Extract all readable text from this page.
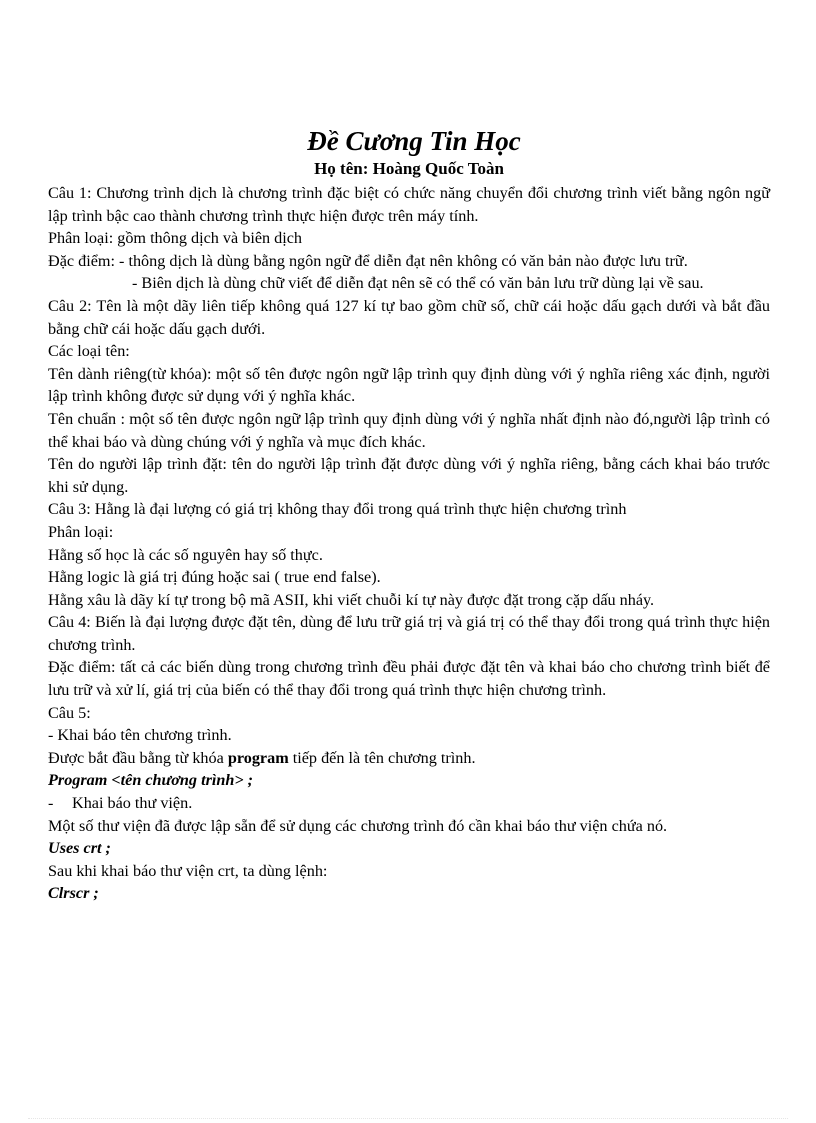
Đề Cương Tin Học
Họ tên: Hoàng Quốc Toàn

Câu 1: Chương trình dịch là chương trình đặc biệt có chức năng chuyển đổi chương trình viết bằng ngôn ngữ lập trình bậc cao thành chương trình thực hiện được trên máy tính.

Phân loại: gồm thông dịch và biên dịch

Đặc điểm: - thông dịch là dùng bằng ngôn ngữ để diễn đạt nên không có văn bản nào được lưu trữ.

- Biên dịch là dùng chữ viết để diễn đạt nên sẽ có thể có văn bản lưu trữ dùng lại về sau.

Câu 2: Tên là một dãy liên tiếp không quá 127 kí tự bao gồm chữ số, chữ cái hoặc dấu gạch dưới và bắt đầu bằng chữ cái hoặc dấu gạch dưới.

Các loại tên:

Tên dành riêng(từ khóa): một số tên được ngôn ngữ lập trình quy định dùng với ý nghĩa riêng xác định, người lập trình không được sử dụng với ý nghĩa khác.

Tên chuẩn : một số tên được ngôn ngữ lập trình quy định dùng với ý nghĩa nhất định nào đó,người lập trình có thể khai báo và dùng chúng với ý nghĩa và mục đích khác.

Tên do người lập trình đặt: tên do người lập trình đặt được dùng với ý nghĩa riêng, bằng cách khai báo trước khi sử dụng.

Câu 3: Hằng là đại lượng có giá trị không thay đổi trong quá trình thực hiện chương trình

Phân loại:

Hằng số học là các số nguyên hay số thực.

Hằng logic là giá trị đúng hoặc sai ( true end false).

Hằng xâu là dãy kí tự trong bộ mã ASII, khi viết chuỗi kí tự này được đặt trong cặp dấu nháy.

Câu 4: Biến là đại lượng được đặt tên, dùng để lưu trữ giá trị và giá trị có thể thay đổi trong quá trình thực hiện chương trình.

Đặc điểm: tất cả các biến dùng trong chương trình đều phải được đặt tên và khai báo cho chương trình biết để lưu trữ và xử lí, giá trị của biến có thể thay đổi trong quá trình thực hiện chương trình.

Câu 5:

- Khai báo tên chương trình.

Được bắt đầu bằng từ khóa program tiếp đến là tên chương trình.

Program <tên chương trình> ;

- Khai báo thư viện.

Một số thư viện đã được lập sẵn để sử dụng các chương trình đó cần khai báo thư viện chứa nó.

Uses crt ;

Sau khi khai báo thư viện crt, ta dùng lệnh:

Clrscr ;
